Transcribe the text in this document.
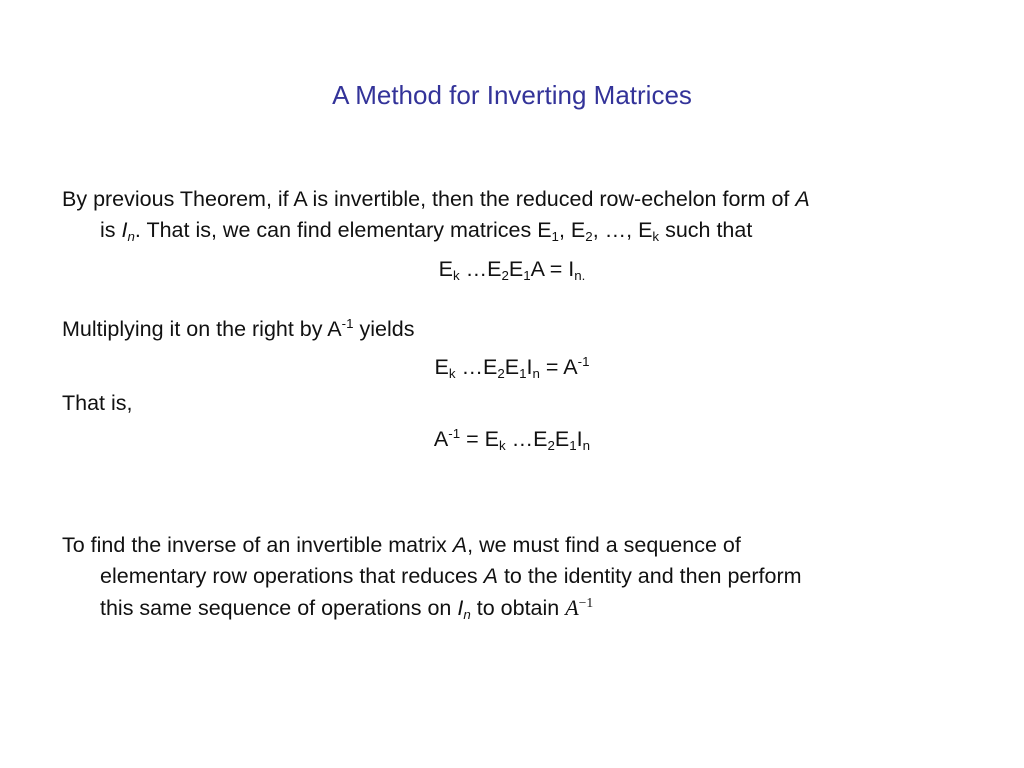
A Method for Inverting Matrices
By previous Theorem, if A is invertible, then the reduced row-echelon form of A
is $I_n$. That is, we can find elementary matrices $E_1$, $E_2$, …, $E_k$ such that
$E_k$ $\dots E_2E_1A = I_{n.}$
Multiplying it on the right by $A^{-1}$ yields
$E_k$ $\dots E_2E_1I_n = A^{-1}$
That is,
$A^{-1} = E_k$ $\dots E_2E_1I_n$
To find the inverse of an invertible matrix A, we must find a sequence of
elementary row operations that reduces A to the identity and then perform
this same sequence of operations on $I_n$ to obtain $A^{-1}$
